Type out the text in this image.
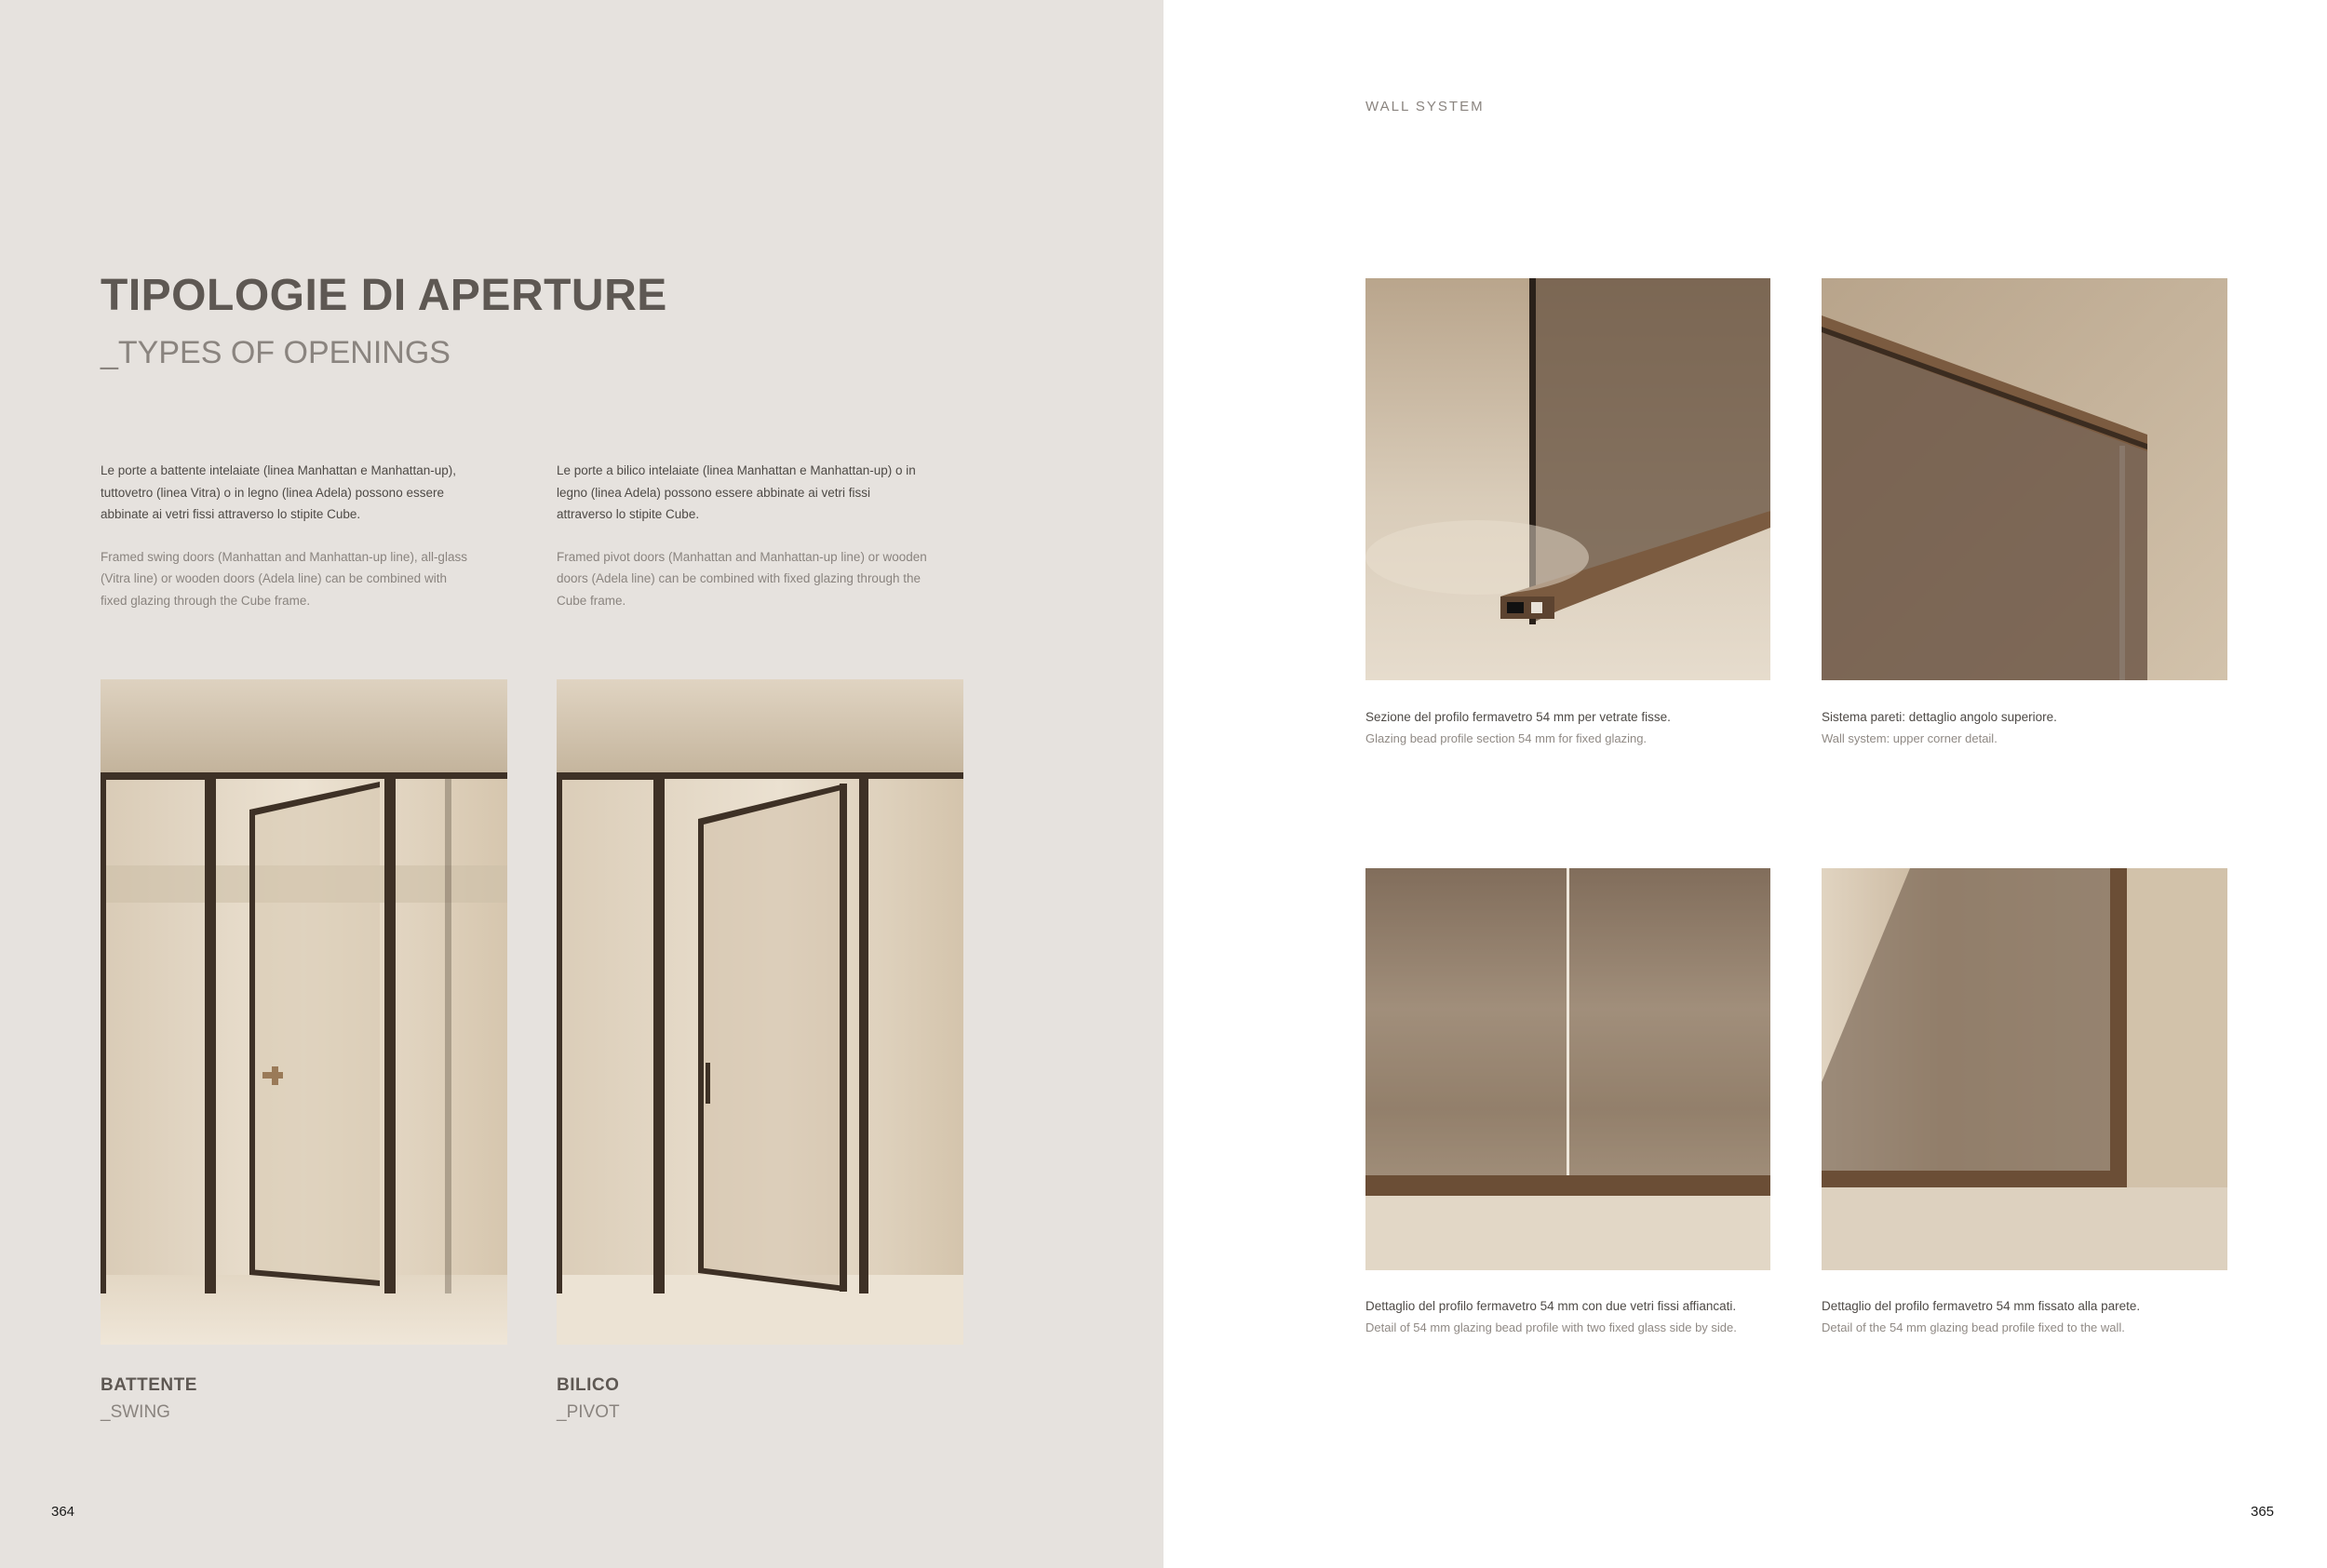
TIPOLOGIE DI APERTURE
_TYPES OF OPENINGS

Le porte a battente intelaiate (linea Manhattan e Manhattan-up), tuttovetro (linea Vitra) o in legno (linea Adela) possono essere abbinate ai vetri fissi attraverso lo stipite Cube.

Framed swing doors (Manhattan and Manhattan-up line), all-glass (Vitra line) or wooden doors (Adela line) can be combined with fixed glazing through the Cube frame.

Le porte a bilico intelaiate (linea Manhattan e Manhattan-up) o in legno (linea Adela) possono essere abbinate ai vetri fissi attraverso lo stipite Cube.

Framed pivot doors (Manhattan and Manhattan-up line) or wooden doors (Adela line) can be combined with fixed glazing through the Cube frame.

BATTENTE
_SWING
BILICO
_PIVOT
364
WALL SYSTEM

Sezione del profilo fermavetro 54 mm per vetrate fisse.

Glazing bead profile section 54 mm for fixed glazing.

Sistema pareti: dettaglio angolo superiore.

Wall system: upper corner detail.

Dettaglio del profilo fermavetro 54 mm con due vetri fissi affiancati.

Detail of 54 mm glazing bead profile with two fixed glass side by side.

Dettaglio del profilo fermavetro 54 mm fissato alla parete.

Detail of the 54 mm glazing bead profile fixed to the wall.

365
